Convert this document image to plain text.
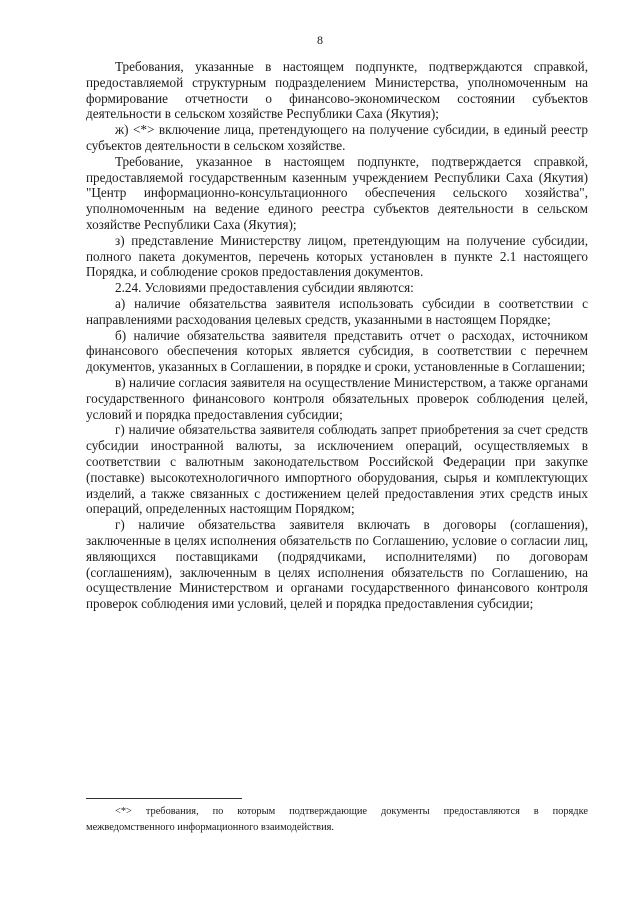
8

Требования, указанные в настоящем подпункте, подтверждаются справкой, предоставляемой структурным подразделением Министерства, уполномоченным на формирование отчетности о финансово-экономическом состоянии субъектов деятельности в сельском хозяйстве Республики Саха (Якутия);

ж) <*> включение лица, претендующего на получение субсидии, в единый реестр субъектов деятельности в сельском хозяйстве.

Требование, указанное в настоящем подпункте, подтверждается справкой, предоставляемой государственным казенным учреждением Республики Саха (Якутия) "Центр информационно-консультационного обеспечения сельского хозяйства", уполномоченным на ведение единого реестра субъектов деятельности в сельском хозяйстве Республики Саха (Якутия);

з) представление Министерству лицом, претендующим на получение субсидии, полного пакета документов, перечень которых установлен в пункте 2.1 настоящего Порядка, и соблюдение сроков предоставления документов.

2.24. Условиями предоставления субсидии являются:

а) наличие обязательства заявителя использовать субсидии в соответствии с направлениями расходования целевых средств, указанными в настоящем Порядке;

б) наличие обязательства заявителя представить отчет о расходах, источником финансового обеспечения которых является субсидия, в соответствии с перечнем документов, указанных в Соглашении, в порядке и сроки, установленные в Соглашении;

в) наличие согласия заявителя на осуществление Министерством, а также органами государственного финансового контроля обязательных проверок соблюдения целей, условий и порядка предоставления субсидии;

г) наличие обязательства заявителя соблюдать запрет приобретения за счет средств субсидии иностранной валюты, за исключением операций, осуществляемых в соответствии с валютным законодательством Российской Федерации при закупке (поставке) высокотехнологичного импортного оборудования, сырья и комплектующих изделий, а также связанных с достижением целей предоставления этих средств иных операций, определенных настоящим Порядком;

г) наличие обязательства заявителя включать в договоры (соглашения), заключенные в целях исполнения обязательств по Соглашению, условие о согласии лиц, являющихся поставщиками (подрядчиками, исполнителями) по договорам (соглашениям), заключенным в целях исполнения обязательств по Соглашению, на осуществление Министерством и органами государственного финансового контроля проверок соблюдения ими условий, целей и порядка предоставления субсидии;

<*> требования, по которым подтверждающие документы предоставляются в порядке межведомственного информационного взаимодействия.
